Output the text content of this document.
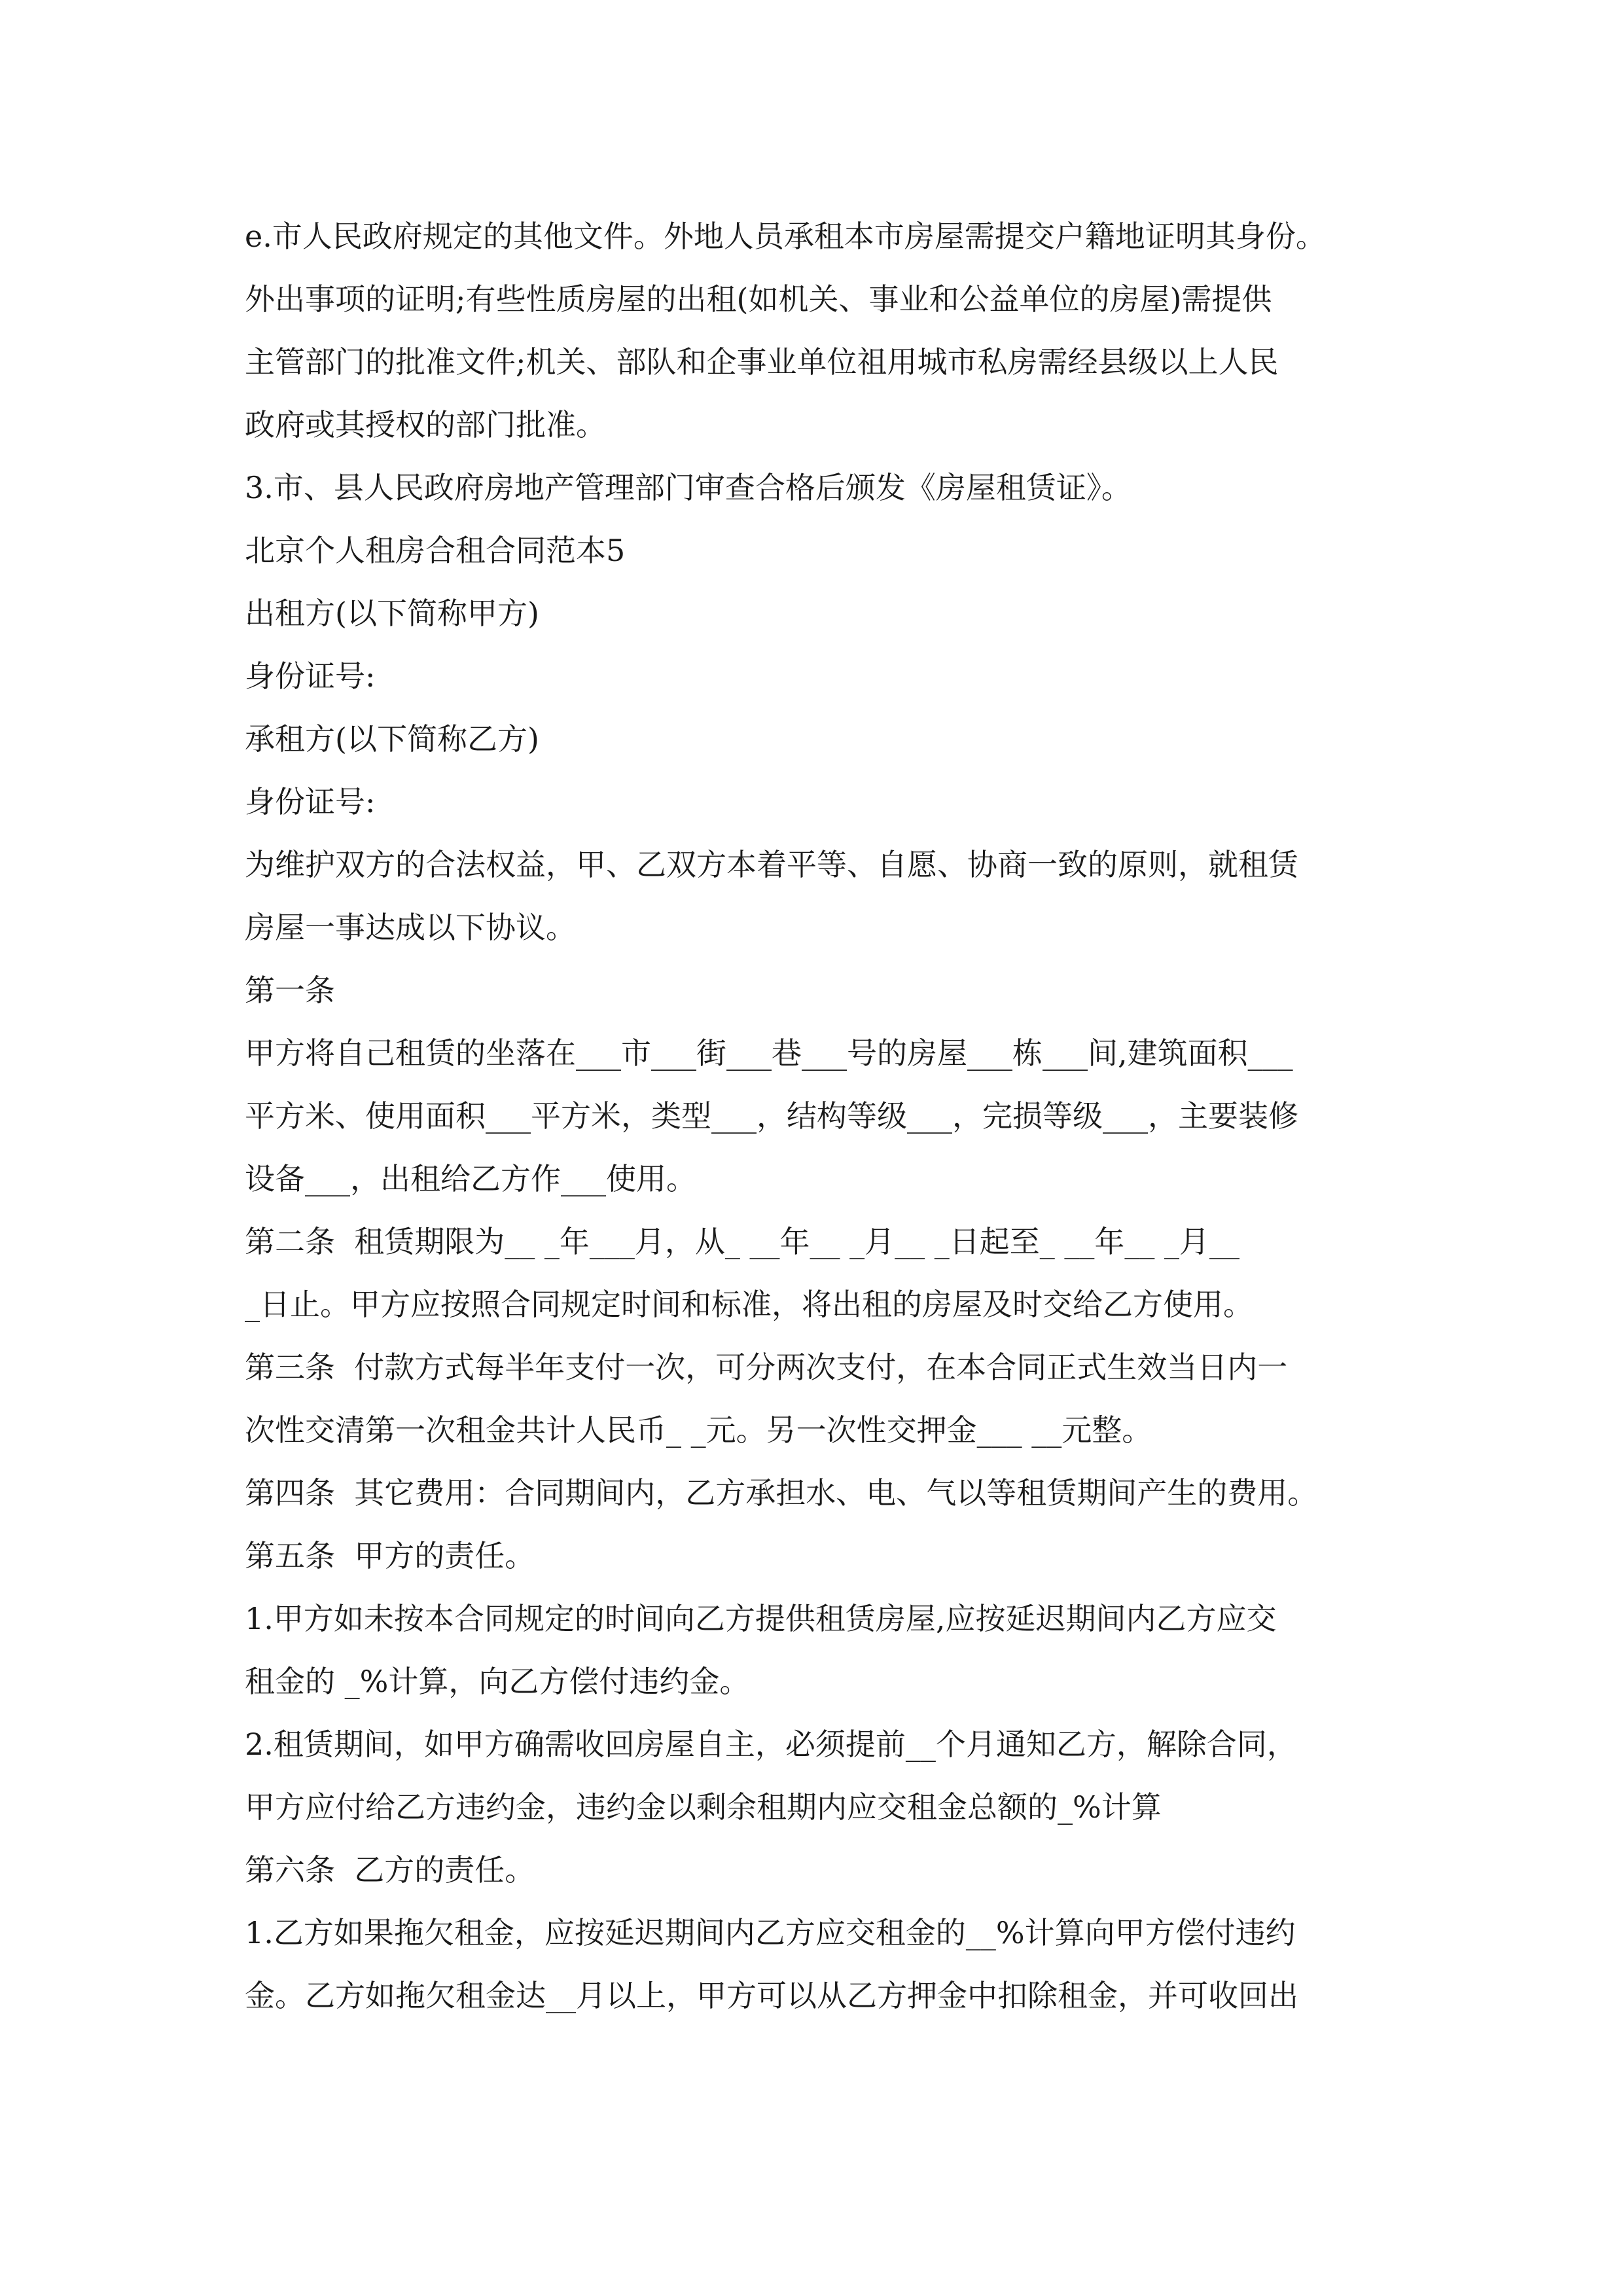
e.市人民政府规定的其他文件。外地人员承租本市房屋需提交户籍地证明其身份。

外出事项的证明;有些性质房屋的出租(如机关、事业和公益单位的房屋)需提供

主管部门的批准文件;机关、部队和企事业单位祖用城市私房需经县级以上人民

政府或其授权的部门批准。

3.市、县人民政府房地产管理部门审查合格后颁发《房屋租赁证》。

北京个人租房合租合同范本5

出租方(以下简称甲方)

身份证号:

承租方(以下简称乙方)

身份证号:

为维护双方的合法权益，甲、乙双方本着平等、自愿、协商一致的原则，就租赁

房屋一事达成以下协议。

第一条

甲方将自己租赁的坐落在___市___街___巷___号的房屋___栋___间,建筑面积___

平方米、使用面积___平方米，类型___，结构等级___，完损等级___，主要装修

设备___，出租给乙方作___使用。

第二条  租赁期限为__ _年___月，从_ __年__ _月__ _日起至_ __年__ _月__

_日止。甲方应按照合同规定时间和标准，将出租的房屋及时交给乙方使用。

第三条  付款方式每半年支付一次，可分两次支付，在本合同正式生效当日内一

次性交清第一次租金共计人民币_ _元。另一次性交押金___ __元整。

第四条  其它费用：合同期间内，乙方承担水、电、气以等租赁期间产生的费用。

第五条  甲方的责任。

1.甲方如未按本合同规定的时间向乙方提供租赁房屋,应按延迟期间内乙方应交

租金的 _%计算，向乙方偿付违约金。

2.租赁期间，如甲方确需收回房屋自主，必须提前__个月通知乙方，解除合同，

甲方应付给乙方违约金，违约金以剩余租期内应交租金总额的_%计算

第六条  乙方的责任。

1.乙方如果拖欠租金，应按延迟期间内乙方应交租金的__%计算向甲方偿付违约

金。乙方如拖欠租金达__月以上，甲方可以从乙方押金中扣除租金，并可收回出
